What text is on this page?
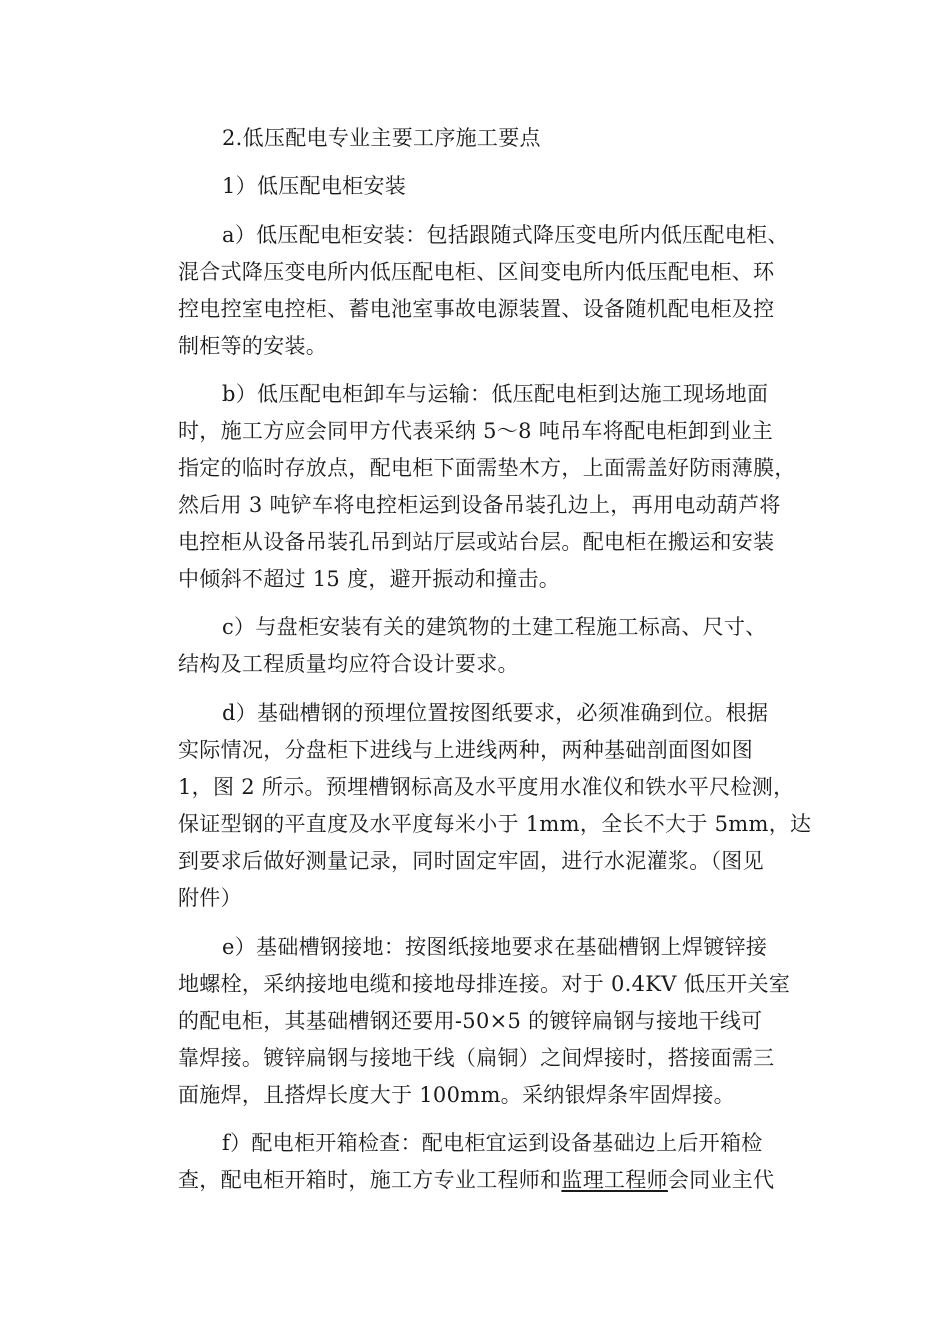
2.低压配电专业主要工序施工要点
1）低压配电柜安装
a）低压配电柜安装：包括跟随式降压变电所内低压配电柜、
混合式降压变电所内低压配电柜、区间变电所内低压配电柜、环
控电控室电控柜、蓄电池室事故电源装置、设备随机配电柜及控
制柜等的安装。
b）低压配电柜卸车与运输：低压配电柜到达施工现场地面
时，施工方应会同甲方代表采纳 5～8 吨吊车将配电柜卸到业主
指定的临时存放点，配电柜下面需垫木方，上面需盖好防雨薄膜，
然后用 3 吨铲车将电控柜运到设备吊装孔边上，再用电动葫芦将
电控柜从设备吊装孔吊到站厅层或站台层。配电柜在搬运和安装
中倾斜不超过 15 度，避开振动和撞击。
c）与盘柜安装有关的建筑物的土建工程施工标高、尺寸、
结构及工程质量均应符合设计要求。
d）基础槽钢的预埋位置按图纸要求，必须准确到位。根据
实际情况，分盘柜下进线与上进线两种，两种基础剖面图如图
1，图 2 所示。预埋槽钢标高及水平度用水准仪和铁水平尺检测，
保证型钢的平直度及水平度每米小于 1mm，全长不大于 5mm，达
到要求后做好测量记录，同时固定牢固，进行水泥灌浆。（图见
附件）
e）基础槽钢接地：按图纸接地要求在基础槽钢上焊镀锌接
地螺栓，采纳接地电缆和接地母排连接。对于 0.4KV 低压开关室
的配电柜，其基础槽钢还要用-50×5 的镀锌扁钢与接地干线可
靠焊接。镀锌扁钢与接地干线（扁铜）之间焊接时，搭接面需三
面施焊，且搭焊长度大于 100mm。采纳银焊条牢固焊接。
f）配电柜开箱检查：配电柜宜运到设备基础边上后开箱检
查，配电柜开箱时，施工方专业工程师和监理工程师会同业主代
